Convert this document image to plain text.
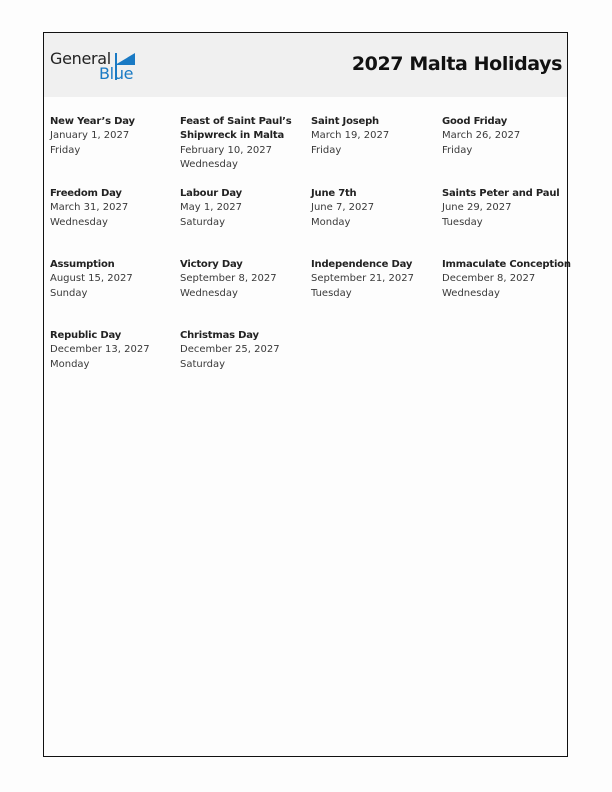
General
Blue	2027 Malta Holidays
New Year’s Day
January 1, 2027
Friday
Feast of Saint Paul’s Shipwreck in Malta
February 10, 2027
Wednesday
Saint Joseph
March 19, 2027
Friday
Good Friday
March 26, 2027
Friday
Freedom Day
March 31, 2027
Wednesday
Labour Day
May 1, 2027
Saturday
June 7th
June 7, 2027
Monday
Saints Peter and Paul
June 29, 2027
Tuesday
Assumption
August 15, 2027
Sunday
Victory Day
September 8, 2027
Wednesday
Independence Day
September 21, 2027
Tuesday
Immaculate Conception
December 8, 2027
Wednesday
Republic Day
December 13, 2027
Monday
Christmas Day
December 25, 2027
Saturday
